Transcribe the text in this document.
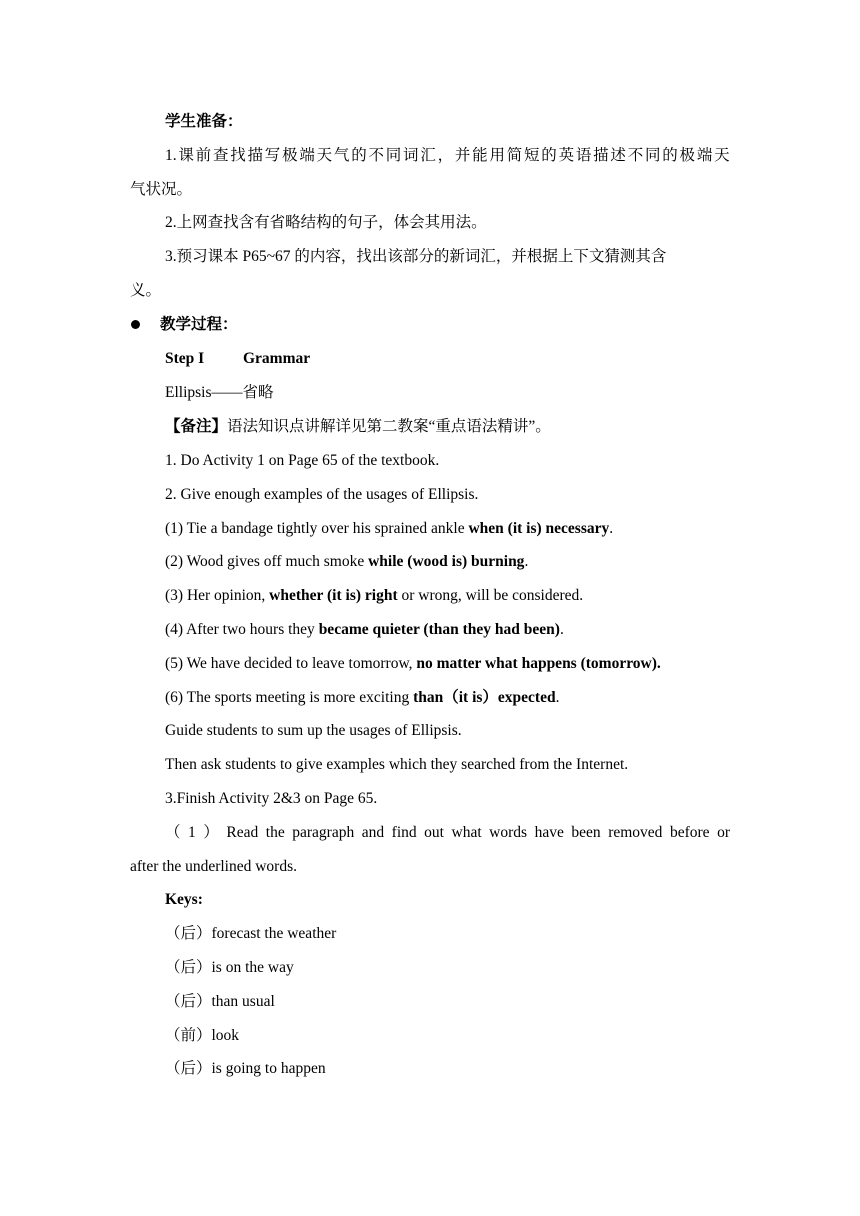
学生准备：
1. 课 前 查 找 描 写 极 端 天 气 的 不 同 词 汇 ， 并 能 用 简 短 的 英 语 描 述 不 同 的 极 端 天
气状况。
2.上网查找含有省略结构的句子，体会其用法。
3.预习课本 P65~67 的内容，找出该部分的新词汇，并根据上下文猜测其含
义。
教学过程：
Step I	Grammar
Ellipsis——省略
【备注】语法知识点讲解详见第二教案“重点语法精讲”。
1. Do Activity 1 on Page 65 of the textbook.
2. Give enough examples of the usages of Ellipsis.
(1) Tie a bandage tightly over his sprained ankle when (it is) necessary.
(2) Wood gives off much smoke while (wood is) burning.
(3) Her opinion, whether (it is) right or wrong, will be considered.
(4) After two hours they became quieter (than they had been).
(5) We have decided to leave tomorrow, no matter what happens (tomorrow).
(6) The sports meeting is more exciting than（it is）expected.
Guide students to sum up the usages of Ellipsis.
Then ask students to give examples which they searched from the Internet.
3.Finish Activity 2&3 on Page 65.
（ 1 ） Read the paragraph and find out what words have been removed before or
after the underlined words.
Keys:
（后）forecast the weather
（后）is on the way
（后）than usual
（前）look
（后）is going to happen
